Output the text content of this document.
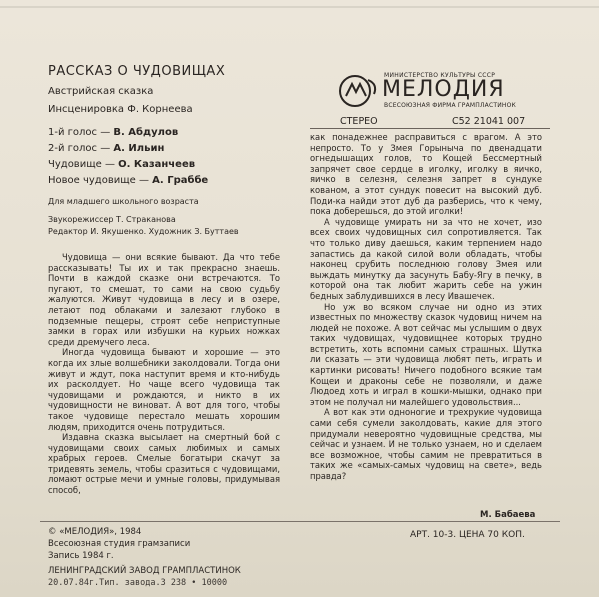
РАССКАЗ О ЧУДОВИЩАХ
Австрийская сказка
Инсценировка Ф. Корнеева
1-й голос — В. Абдулов
2-й голос — А. Ильин
Чудовище — О. Казанчеев
Новое чудовище — А. Граббе
Для младшего школьного возраста
Звукорежиссер Т. Страканова
Редактор И. Якушенко. Художник З. Буттаев
МИНИСТЕРСТВО КУЛЬТУРЫ СССР
МЕЛОДИЯ
ВСЕСОЮЗНАЯ ФИРМА ГРАМПЛАСТИНОК
СТЕРЕО	С52 21041 007

Чудовища — они всякие бывают. Да что тебе рассказывать! Ты их и так прекрасно знаешь. Почти в каждой сказке они встречаются. То пугают, то смешат, то сами на свою судьбу жалуются. Живут чудовища в лесу и в озере, летают под облаками и залезают глубоко в подземные пещеры, строят себе неприступные замки в горах или избушки на курьих ножках среди дремучего леса.

Иногда чудовища бывают и хорошие — это когда их злые волшебники заколдовали. Тогда они живут и ждут, пока наступит время и кто-нибудь их расколдует. Но чаще всего чудовища так чудовищами и рождаются, и никто в их чудовищности не виноват. А вот для того, чтобы такое чудовище перестало мешать хорошим людям, приходится очень потрудиться.

Издавна сказка высылает на смертный бой с чудовищами своих самых любимых и самых храбрых героев. Смелые богатыри скачут за тридевять земель, чтобы сразиться с чудовищами, ломают острые мечи и умные головы, придумывая способ,

как понадежнее расправиться с врагом. А это непросто. То у Змея Горыныча по двенадцати огнедышащих голов, то Кощей Бессмертный запрячет свое сердце в иголку, иголку в яичко, яичко в селезня, селезня запрет в сундуке кованом, а этот сундук повесит на высокий дуб. Поди-ка найди этот дуб да разберись, что к чему, пока доберешься, до этой иголки!

А чудовище умирать ни за что не хочет, изо всех своих чудовищных сил сопротивляется. Так что только диву даешься, каким терпением надо запастись да какой силой воли обладать, чтобы наконец срубить последнюю голову Змея или выждать минутку да засунуть Бабу-Ягу в печку, в которой она так любит жарить себе на ужин бедных заблудившихся в лесу Ивашечек.

Но уж во всяком случае ни одно из этих известных по множеству сказок чудовищ ничем на людей не похоже. А вот сейчас мы услышим о двух таких чудовищах, чудовищнее которых трудно встретить, хоть вспомни самых страшных. Шутка ли сказать — эти чудовища любят петь, играть и картинки рисовать! Ничего подобного всякие там Кощеи и драконы себе не позволяли, и даже Людоед хоть и играл в кошки-мышки, однако при этом не получал ни малейшего удовольствия...

А вот как эти одноногие и трехрукие чудовища сами себя сумели заколдовать, какие для этого придумали невероятно чудовищные средства, мы сейчас и узнаем. И не только узнаем, но и сделаем все возможное, чтобы самим не превратиться в таких же «самых-самых чудовищ на свете», ведь правда?

М. Бабаева
© «МЕЛОДИЯ», 1984
Всесоюзная студия грамзаписи
Запись 1984 г.
ЛЕНИНГРАДСКИЙ ЗАВОД ГРАМПЛАСТИНОК
20.07.84г.Тип. завода.3 238 • 10000
АРТ. 10-3. ЦЕНА 70 КОП.
